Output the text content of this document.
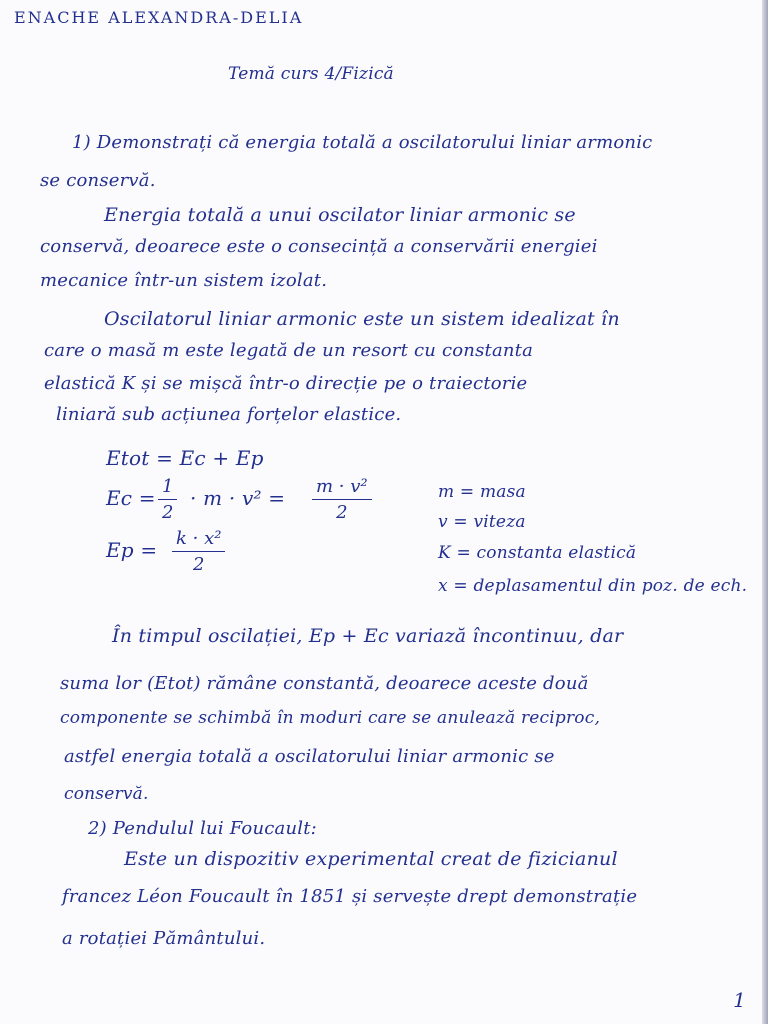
ENACHE ALEXANDRA-DELIA
Temă curs 4/Fizică
1) Demonstrați că energia totală a oscilatorului liniar armonic
se conservă.
Energia totală a unui oscilator liniar armonic se
conservă, deoarece este o consecință a conservării energiei
mecanice într-un sistem izolat.
Oscilatorul liniar armonic este un sistem idealizat în
care o masă m este legată de un resort cu constanta
elastică K și se mișcă într-o direcție pe o traiectorie
liniară sub acțiunea forțelor elastice.
Etot = Ec + Ep
$Ec = \frac{1}{2} \cdot m \cdot v^2 = \frac{\text{m · v²}}{2}$
$Ep = \frac{\text{k · x²}}{2}$
m = masa
v = viteza
K = constanta elastică
x = deplasamentul din poz. de ech.
În timpul oscilației, Ep + Ec variază încontinuu, dar
suma lor (Etot) rămâne constantă, deoarece aceste două
componente se schimbă în moduri care se anulează reciproc,
astfel energia totală a oscilatorului liniar armonic se
conservă.
2) Pendulul lui Foucault:
Este un dispozitiv experimental creat de fizicianul
francez Léon Foucault în 1851 și servește drept demonstrație
a rotației Pământului.
1
